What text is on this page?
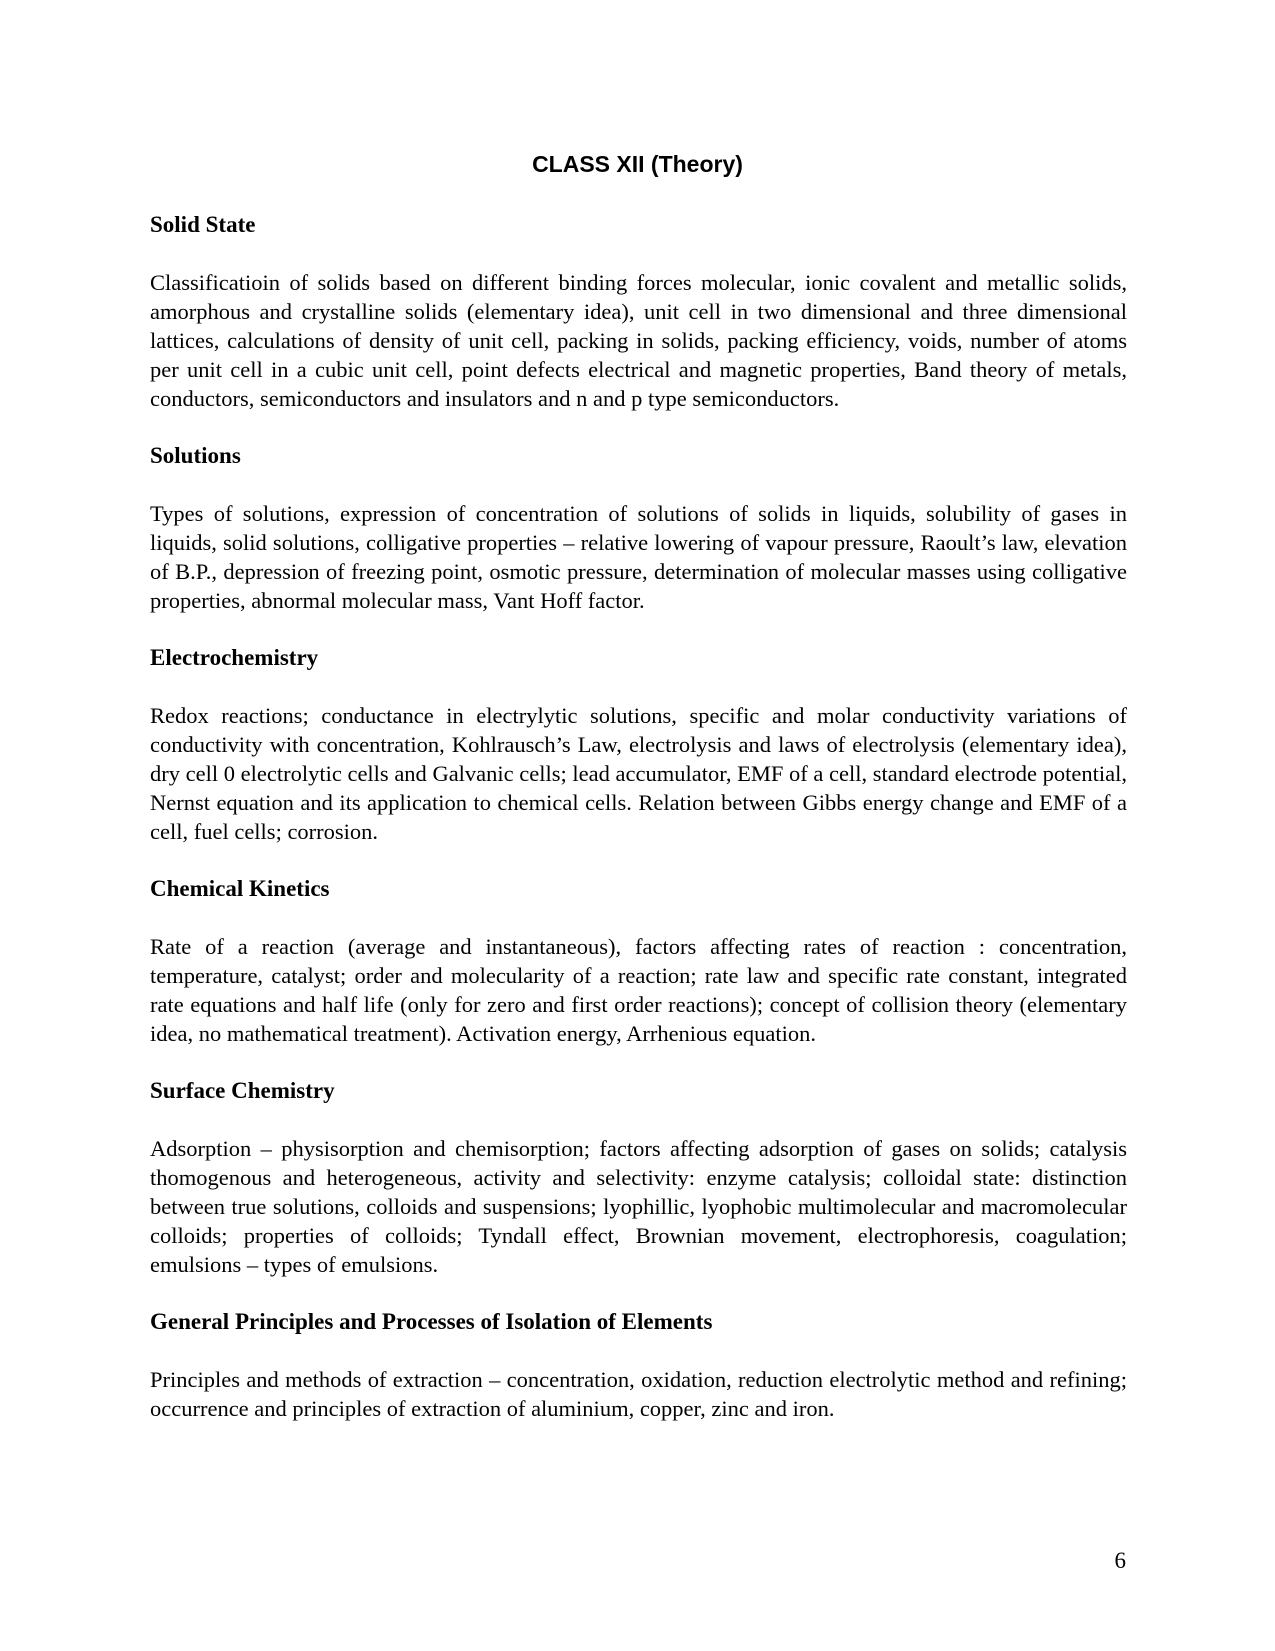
CLASS XII (Theory)
Solid State

Classificatioin of solids based on different binding forces molecular, ionic covalent and metallic solids, amorphous and crystalline solids (elementary idea), unit cell in two dimensional and three dimensional lattices, calculations of density of unit cell, packing in solids, packing efficiency, voids, number of atoms per unit cell in a cubic unit cell, point defects electrical and magnetic properties, Band theory of metals, conductors, semiconductors and insulators and n and p type semiconductors.

Solutions

Types of solutions, expression of concentration of solutions of solids in liquids, solubility of gases in liquids, solid solutions, colligative properties – relative lowering of vapour pressure, Raoult’s law, elevation of B.P., depression of freezing point, osmotic pressure, determination of molecular masses using colligative properties, abnormal molecular mass, Vant Hoff factor.

Electrochemistry

Redox reactions; conductance in electrylytic solutions, specific and molar conductivity variations of conductivity with concentration, Kohlrausch’s Law, electrolysis and laws of electrolysis (elementary idea), dry cell 0 electrolytic cells and Galvanic cells; lead accumulator, EMF of a cell, standard electrode potential, Nernst equation and its application to chemical cells. Relation between Gibbs energy change and EMF of a cell, fuel cells; corrosion.

Chemical Kinetics

Rate of a reaction (average and instantaneous), factors affecting rates of reaction : concentration, temperature, catalyst; order and molecularity of a reaction; rate law and specific rate constant, integrated rate equations and half life (only for zero and first order reactions); concept of collision theory (elementary idea, no mathematical treatment). Activation energy, Arrhenious equation.

Surface Chemistry

Adsorption – physisorption and chemisorption; factors affecting adsorption of gases on solids; catalysis thomogenous and heterogeneous, activity and selectivity: enzyme catalysis; colloidal state: distinction between true solutions, colloids and suspensions; lyophillic, lyophobic multimolecular and macromolecular colloids; properties of colloids; Tyndall effect, Brownian movement, electrophoresis, coagulation; emulsions – types of emulsions.

General Principles and Processes of Isolation of Elements

Principles and methods of extraction – concentration, oxidation, reduction electrolytic method and refining; occurrence and principles of extraction of aluminium, copper, zinc and iron.

6
